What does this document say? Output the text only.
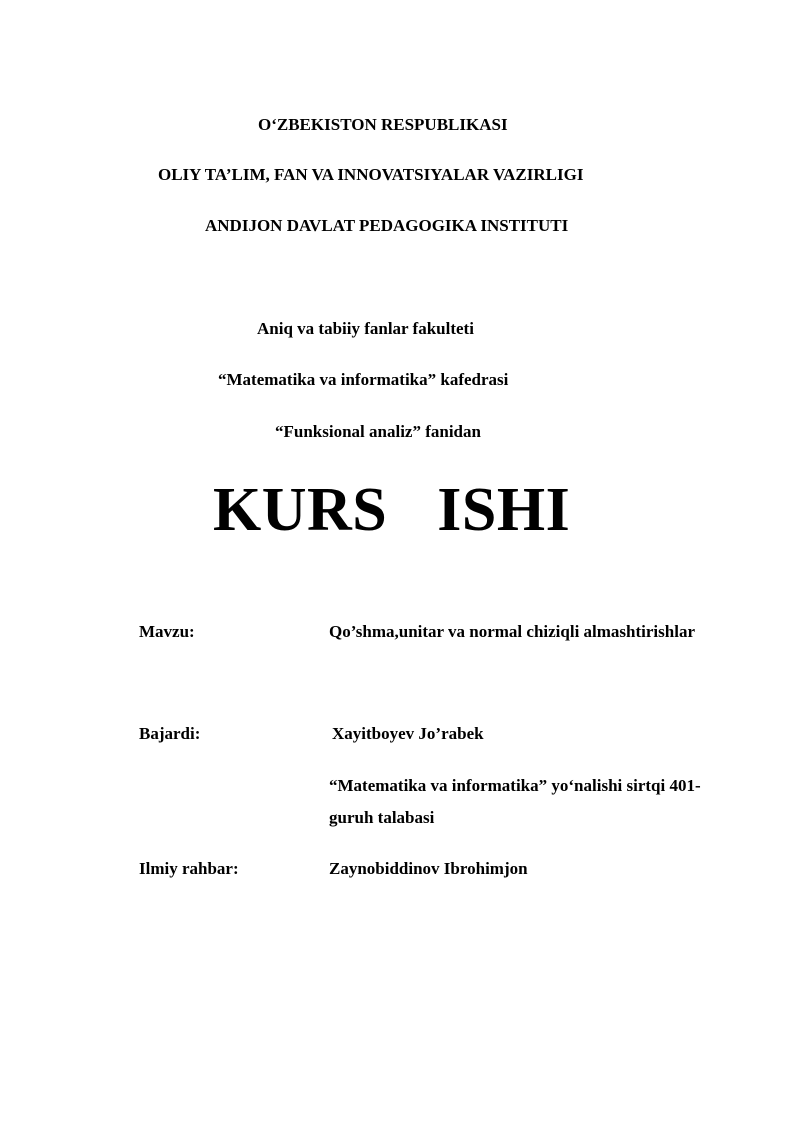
O‘ZBEKISTON RESPUBLIKASI
OLIY TA’LIM, FAN VA INNOVATSIYALAR VAZIRLIGI
ANDIJON DAVLAT PEDAGOGIKA INSTITUTI
Aniq va tabiiy fanlar fakulteti
“Matematika va informatika” kafedrasi
“Funksional analiz” fanidan
KURS ISHI
Mavzu:	Qo’shma,unitar va normal chiziqli almashtirishlar
Bajardi:	Xayitboyev Jo’rabek
“Matematika va informatika” yo‘nalishi sirtqi 401-
guruh talabasi
Ilmiy rahbar:	Zaynobiddinov Ibrohimjon
